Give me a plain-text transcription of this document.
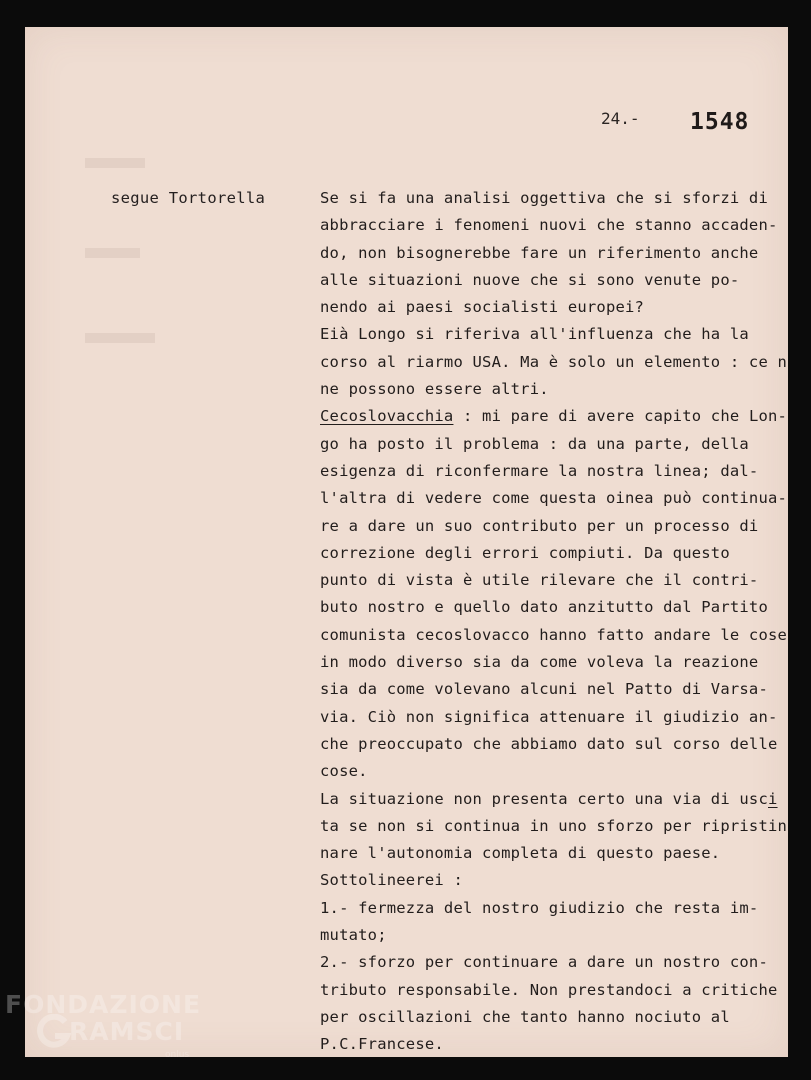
24.- 1548
segue Tortorella	Se si fa una analisi oggettiva che si sforzi di
abbracciare i fenomeni nuovi che stanno accaden-
do, non bisognerebbe fare un riferimento anche
alle situazioni nuove che si sono venute po-
nendo ai paesi socialisti europei?
Eià Longo si riferiva all'influenza che ha la
corso al riarmo USA. Ma è solo un elemento : ce n
ne possono essere altri.
Cecoslovacchia : mi pare di avere capito che Lon-
go ha posto il problema : da una parte, della
esigenza di riconfermare la nostra linea; dal-
l'altra di vedere come questa oinea può continua-
re a dare un suo contributo per un processo di
correzione degli errori compiuti. Da questo
punto di vista è utile rilevare che il contri-
buto nostro e quello dato anzitutto dal Partito
comunista cecoslovacco hanno fatto andare le cose
in modo diverso sia da come voleva la reazione
sia da come volevano alcuni nel Patto di Varsa-
via. Ciò non significa attenuare il giudizio an-
che preoccupato che abbiamo dato sul corso delle
cose.
La situazione non presenta certo una via di usci
ta se non si continua in uno sforzo per ripristin
nare l'autonomia completa di questo paese.
Sottolineerei :
1.- fermezza del nostro giudizio che resta im-
mutato;
2.- sforzo per continuare a dare un nostro con-
tributo responsabile. Non prestandoci a critiche
per oscillazioni che tanto hanno nociuto al
P.C.Francese.
FONDAZIONE
RAMSCI
onlus
